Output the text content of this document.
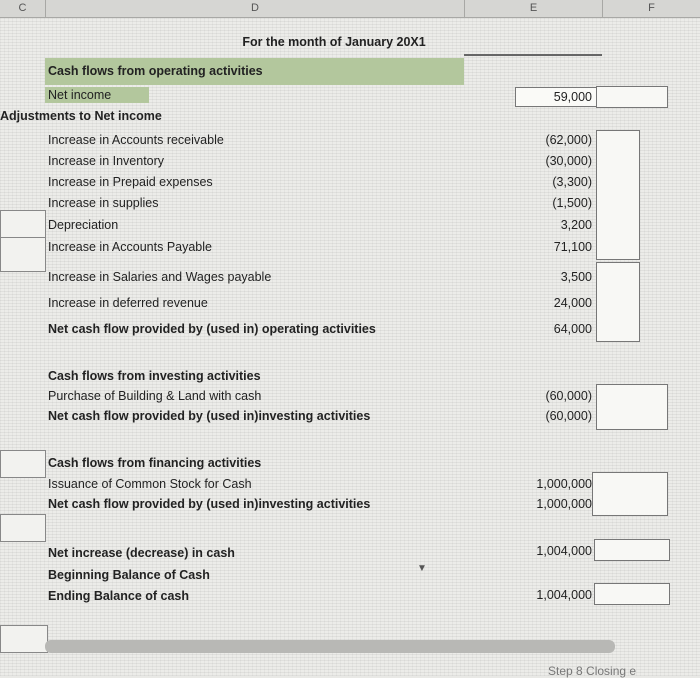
C	D	E	F
For the month of January 20X1
Cash flows from operating activities
Net income	59,000
Adjustments to Net income
Increase in Accounts receivable	(62,000)
Increase in Inventory	(30,000)
Increase in Prepaid expenses	(3,300)
Increase in supplies	(1,500)
Depreciation	3,200
Increase in Accounts Payable	71,100
Increase in Salaries and Wages payable	3,500
Increase in deferred revenue	24,000
Net cash flow provided by (used in) operating activities	64,000
Cash flows from investing activities
Purchase of Building & Land with cash	(60,000)
Net cash flow provided by (used in)investing activities	(60,000)
Cash flows from financing activities
Issuance of Common Stock for Cash	1,000,000
Net cash flow provided by (used in)investing activities	1,000,000
Net increase (decrease) in cash	1,004,000
Beginning Balance of Cash
Ending Balance of cash	1,004,000
▼
Step 8 Closing e
